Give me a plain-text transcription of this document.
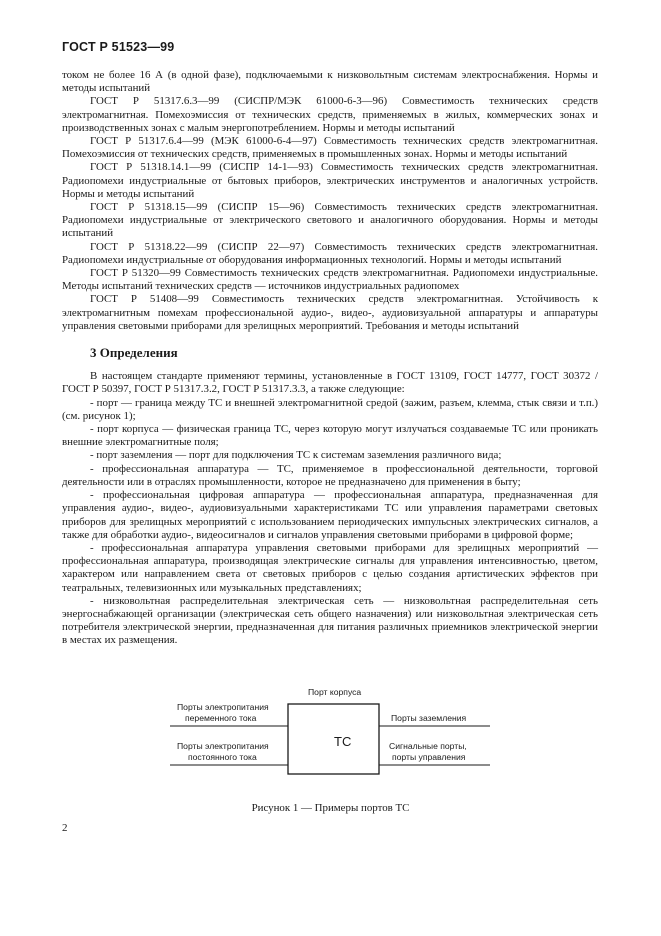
ГОСТ Р 51523—99

током не более 16 А (в одной фазе), подключаемыми к низковольтным системам электроснабжения. Нормы и методы испытаний

ГОСТ Р 51317.6.3—99 (СИСПР/МЭК 61000-6-3—96) Совместимость технических средств электромагнитная. Помехоэмиссия от технических средств, применяемых в жилых, коммерческих зонах и производственных зонах с малым энергопотреблением. Нормы и методы испытаний

ГОСТ Р 51317.6.4—99 (МЭК 61000-6-4—97) Совместимость технических средств электромагнитная. Помехоэмиссия от технических средств, применяемых в промышленных зонах. Нормы и методы испытаний

ГОСТ Р 51318.14.1—99 (СИСПР 14-1—93) Совместимость технических средств электромагнитная. Радиопомехи индустриальные от бытовых приборов, электрических инструментов и аналогичных устройств. Нормы и методы испытаний

ГОСТ Р 51318.15—99 (СИСПР 15—96) Совместимость технических средств электромагнитная. Радиопомехи индустриальные от электрического светового и аналогичного оборудования. Нормы и методы испытаний

ГОСТ Р 51318.22—99 (СИСПР 22—97) Совместимость технических средств электромагнитная. Радиопомехи индустриальные от оборудования информационных технологий. Нормы и методы испытаний

ГОСТ Р 51320—99 Совместимость технических средств электромагнитная. Радиопомехи индустриальные. Методы испытаний технических средств — источников индустриальных радиопомех

ГОСТ Р 51408—99 Совместимость технических средств электромагнитная. Устойчивость к электромагнитным помехам профессиональной аудио-, видео-, аудиовизуальной аппаратуры и аппаратуры управления световыми приборами для зрелищных мероприятий. Требования и методы испытаний

3 Определения

В настоящем стандарте применяют термины, установленные в ГОСТ 13109, ГОСТ 14777, ГОСТ 30372 / ГОСТ Р 50397, ГОСТ Р 51317.3.2, ГОСТ Р 51317.3.3, а также следующие:

- порт — граница между ТС и внешней электромагнитной средой (зажим, разъем, клемма, стык связи и т.п.) (см. рисунок 1);

- порт корпуса — физическая граница ТС, через которую могут излучаться создаваемые ТС или проникать внешние электромагнитные поля;

- порт заземления — порт для подключения ТС к системам заземления различного вида;

- профессиональная аппаратура — ТС, применяемое в профессиональной деятельности, торговой деятельности или в отраслях промышленности, которое не предназначено для применения в быту;

- профессиональная цифровая аппаратура — профессиональная аппаратура, предназначенная для управления аудио-, видео-, аудиовизуальными характеристиками ТС или управления параметрами световых приборов для зрелищных мероприятий с использованием периодических импульсных электрических сигналов, а также для обработки аудио-, видеосигналов и сигналов управления световыми приборами в цифровой форме;

- профессиональная аппаратура управления световыми приборами для зрелищных мероприятий — профессиональная аппаратура, производящая электрические сигналы для управления интенсивностью, цветом, характером или направлением света от световых приборов с целью создания артистических эффектов при театральных, телевизионных или музыкальных представлениях;

- низковольтная распределительная электрическая сеть — низковольтная распределительная сеть энергоснабжающей организации (электрическая сеть общего назначения) или низковольтная электрическая сеть потребителя электрической энергии, предназначенная для питания различных приемников электрической энергии в местах их размещения.

Порт корпуса
ТС
Порты электропитания
переменного тока
Порты электропитания
постоянного тока
Порты заземления
Сигнальные порты,
порты управления
Рисунок 1 — Примеры портов ТС
2
